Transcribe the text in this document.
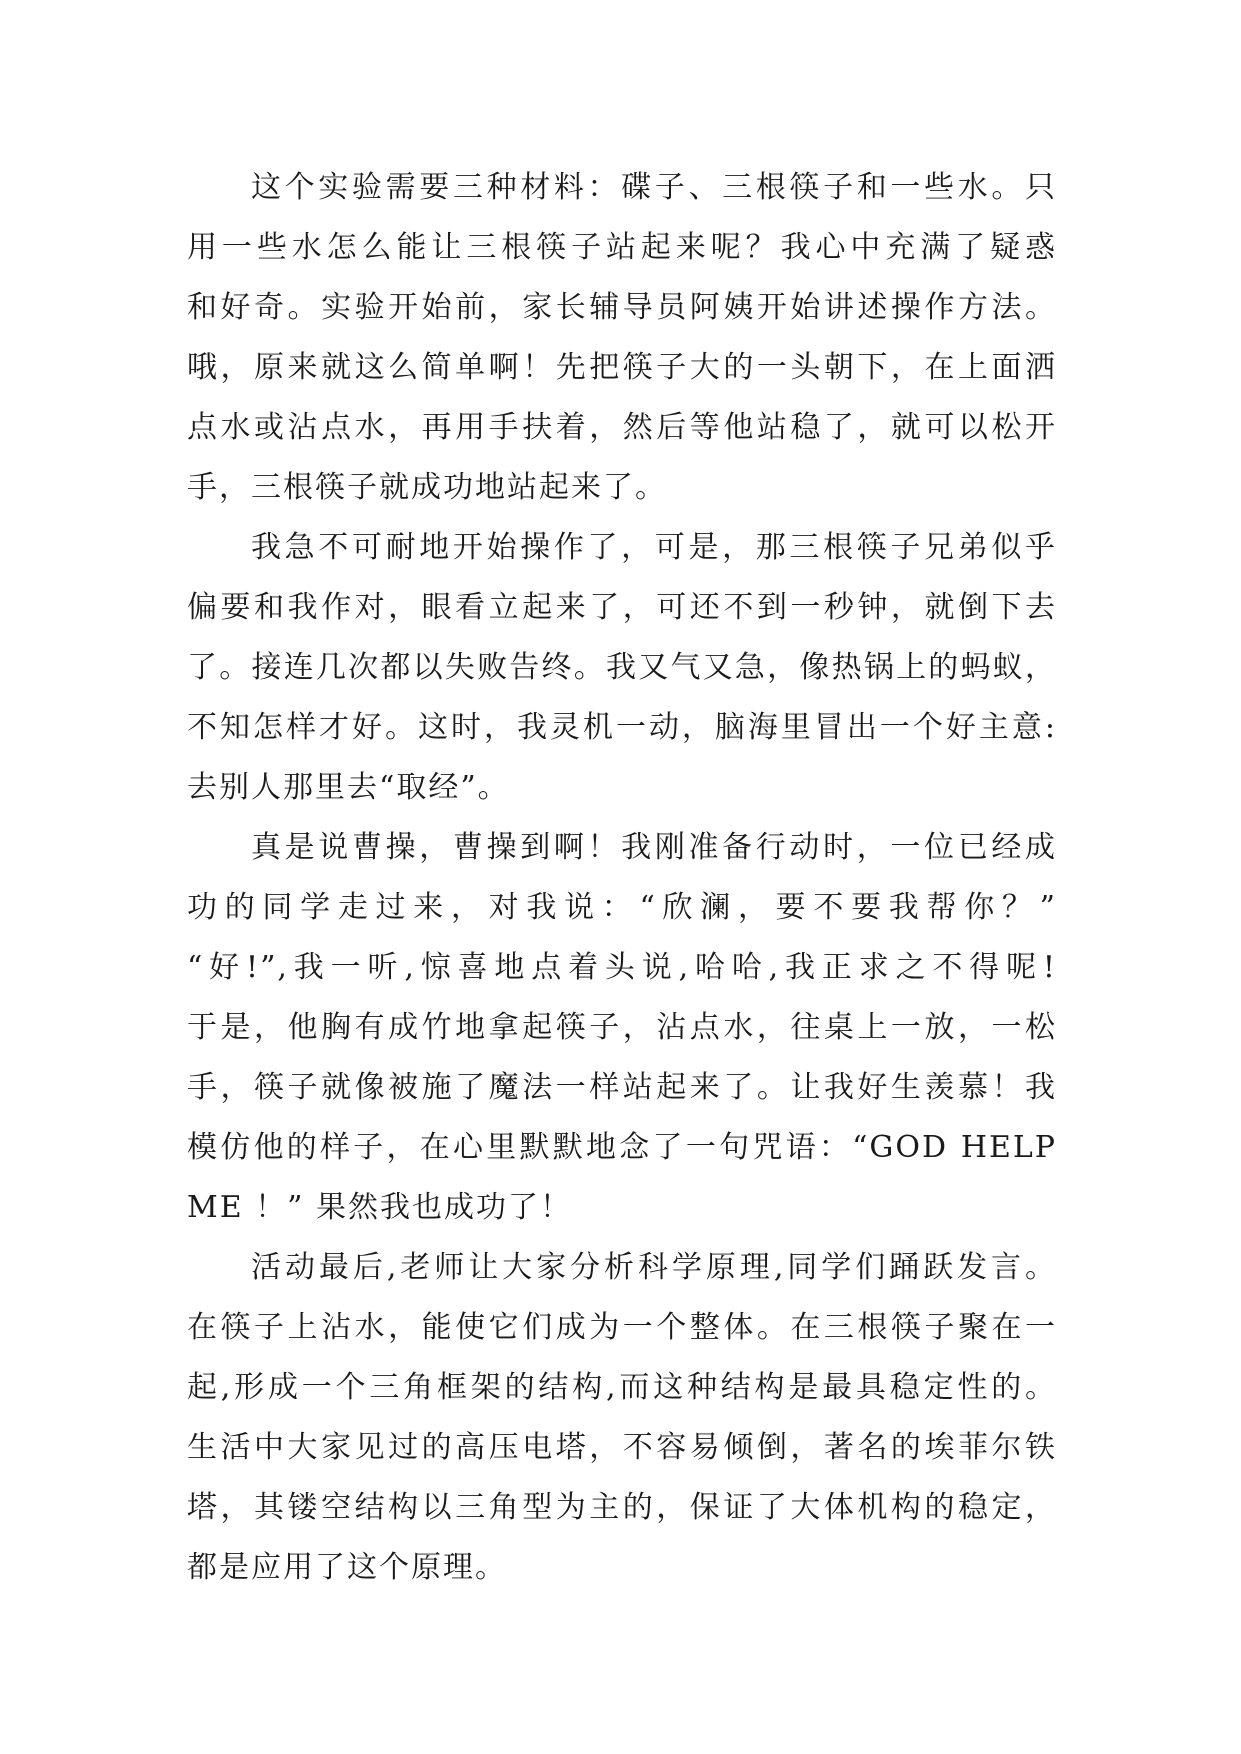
这个实验需要三种材料：碟子、三根筷子和一些水。只
用一些水怎么能让三根筷子站起来呢？我心中充满了疑惑
和好奇。实验开始前，家长辅导员阿姨开始讲述操作方法。
哦，原来就这么简单啊！先把筷子大的一头朝下，在上面洒
点水或沾点水，再用手扶着，然后等他站稳了，就可以松开
手，三根筷子就成功地站起来了。
我急不可耐地开始操作了，可是，那三根筷子兄弟似乎
偏要和我作对，眼看立起来了，可还不到一秒钟，就倒下去
了。接连几次都以失败告终。我又气又急，像热锅上的蚂蚁，
不知怎样才好。这时，我灵机一动，脑海里冒出一个好主意:
去别人那里去“取经”。
真是说曹操，曹操到啊！我刚准备行动时，一位已经成
功的同学走过来，对我说：“欣澜，要不要我帮你？”
“好!”,我一听,惊喜地点着头说,哈哈,我正求之不得呢!
于是，他胸有成竹地拿起筷子，沾点水，往桌上一放，一松
手，筷子就像被施了魔法一样站起来了。让我好生羡慕！我
模仿他的样子，在心里默默地念了一句咒语：“GOD HELP
ME ！” 果然我也成功了！
活动最后,老师让大家分析科学原理,同学们踊跃发言。
在筷子上沾水，能使它们成为一个整体。在三根筷子聚在一
起,形成一个三角框架的结构,而这种结构是最具稳定性的。
生活中大家见过的高压电塔，不容易倾倒，著名的埃菲尔铁
塔，其镂空结构以三角型为主的，保证了大体机构的稳定，
都是应用了这个原理。
